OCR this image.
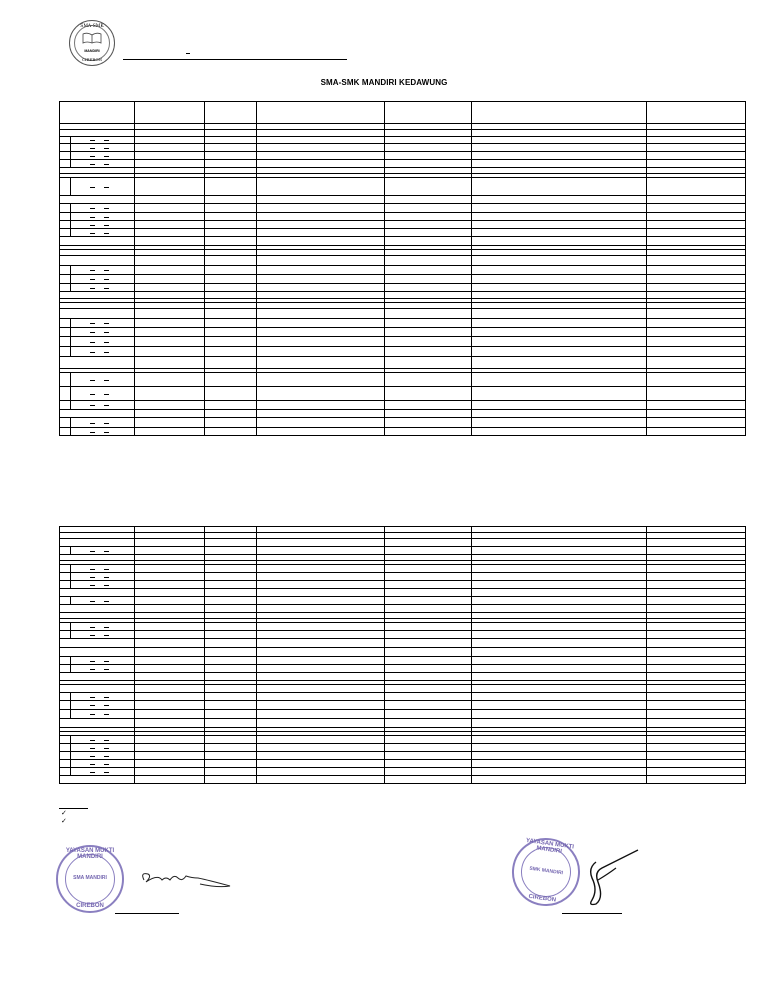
SMA-SMK
MANDIRI
CIREBON
SMA-SMK MANDIRI KEDAWUNG
✓
✓
YAYASAN MUKTI MANDIRI
SMA MANDIRI
CIREBON
YAYASAN MUKTI MANDIRI
SMK MANDIRI
CIREBON
